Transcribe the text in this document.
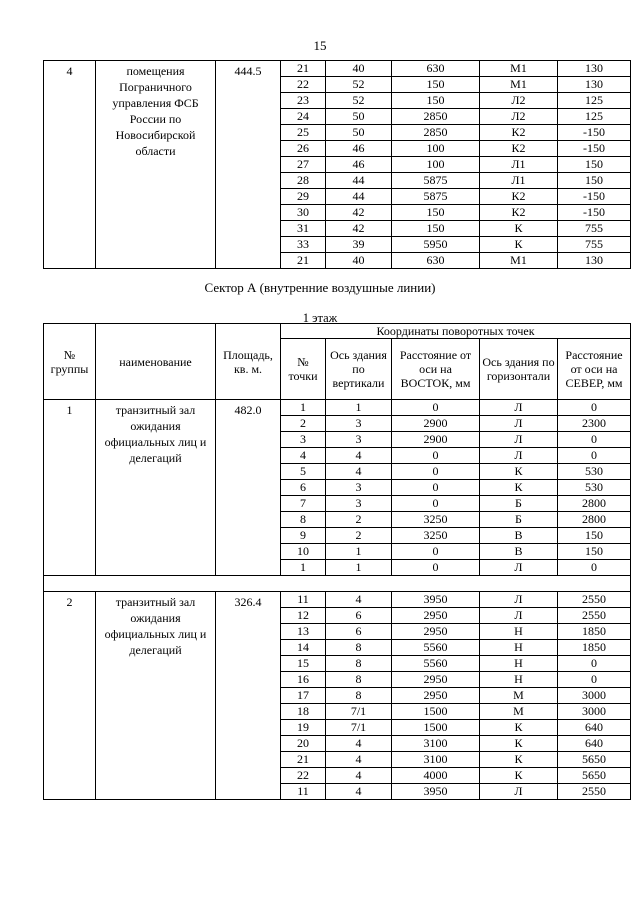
15
4	помещения Пограничного управления ФСБ России по Новосибирской области	444.5	21	40	630	М1	130
			22	52	150	М1	130
			23	52	150	Л2	125
			24	50	2850	Л2	125
			25	50	2850	К2	-150
			26	46	100	К2	-150
			27	46	100	Л1	150
			28	44	5875	Л1	150
			29	44	5875	К2	-150
			30	42	150	К2	-150
			31	42	150	К	755
			33	39	5950	К	755
			21	40	630	М1	130
Сектор А (внутренние воздушные линии)
1 этаж
№ группы	наименование	Площадь, кв. м.	Координаты поворотных точек				
			№ точки	Ось здания по вертикали	Расстояние от оси на ВОСТОК, мм	Ось здания по горизонтали	Расстояние от оси на СЕВЕР, мм
1	транзитный зал ожидания официальных лиц и делегаций	482.0	1	1	0	Л	0
			2	3	2900	Л	2300
			3	3	2900	Л	0
			4	4	0	Л	0
			5	4	0	К	530
			6	3	0	К	530
			7	3	0	Б	2800
			8	2	3250	Б	2800
			9	2	3250	В	150
			10	1	0	В	150
			1	1	0	Л	0

2	транзитный зал ожидания официальных лиц и делегаций	326.4	11	4	3950	Л	2550
			12	6	2950	Л	2550
			13	6	2950	Н	1850
			14	8	5560	Н	1850
			15	8	5560	Н	0
			16	8	2950	Н	0
			17	8	2950	М	3000
			18	7/1	1500	М	3000
			19	7/1	1500	К	640
			20	4	3100	К	640
			21	4	3100	К	5650
			22	4	4000	К	5650
			11	4	3950	Л	2550
